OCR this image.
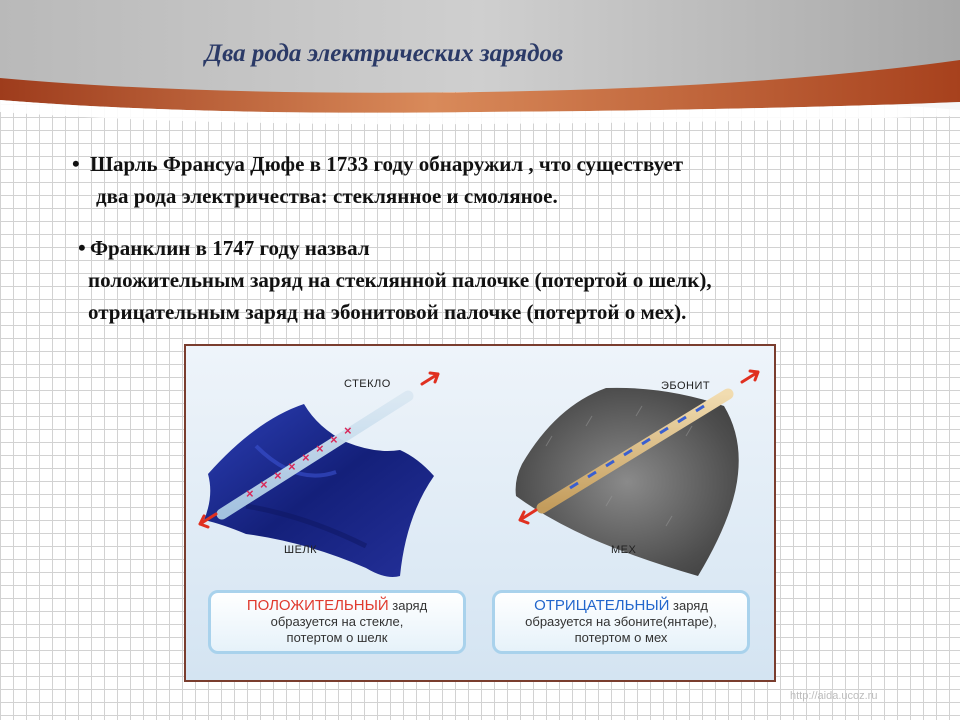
Два рода электрических зарядов
• Шарль Франсуа Дюфе в 1733 году обнаружил , что существует
два рода электричества: стеклянное и смоляное.
• Франклин в 1747 году назвал
положительным заряд на стеклянной палочке (потертой о шелк),
отрицательным заряд на эбонитовой палочке (потертой о мех).
×
×
×
×
×
×
×
×
СТЕКЛО
ШЕЛК
ЭБОНИТ
МЕХ
ПОЛОЖИТЕЛЬНЫЙ заряд
образуется на стекле,
потертом о шелк
ОТРИЦАТЕЛЬНЫЙ заряд
образуется на эбоните(янтаре),
потертом о мех
http://aida.ucoz.ru
